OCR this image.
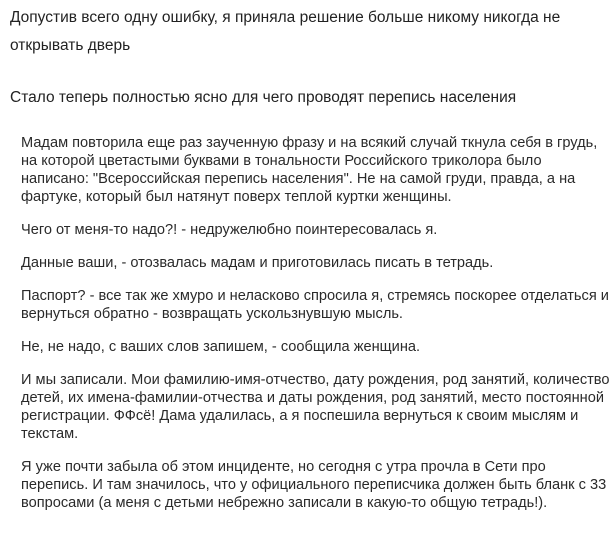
Допустив всего одну ошибку, я приняла решение больше никому никогда не открывать дверь

Стало теперь полностью ясно для чего проводят перепись населения

Мадам повторила еще раз заученную фразу и на всякий случай ткнула себя в грудь, на которой цветастыми буквами в тональности Российского триколора было написано: "Всероссийская перепись населения". Не на самой груди, правда, а на фартуке, который был натянут поверх теплой куртки женщины.

Чего от меня-то надо?! - недружелюбно поинтересовалась я.

Данные ваши, - отозвалась мадам и приготовилась писать в тетрадь.

Паспорт? - все так же хмуро и неласково спросила я, стремясь поскорее отделаться и вернуться обратно - возвращать ускользнувшую мысль.

Не, не надо, с ваших слов запишем, - сообщила женщина.

И мы записали. Мои фамилию-имя-отчество, дату рождения, род занятий, количество детей, их имена-фамилии-отчества и даты рождения, род занятий, место постоянной регистрации. ФФсё! Дама удалилась, а я поспешила вернуться к своим мыслям и текстам.

Я уже почти забыла об этом инциденте, но сегодня с утра прочла в Сети про перепись. И там значилось, что у официального переписчика должен быть бланк с 33 вопросами (а меня с детьми небрежно записали в какую-то общую тетрадь!).
